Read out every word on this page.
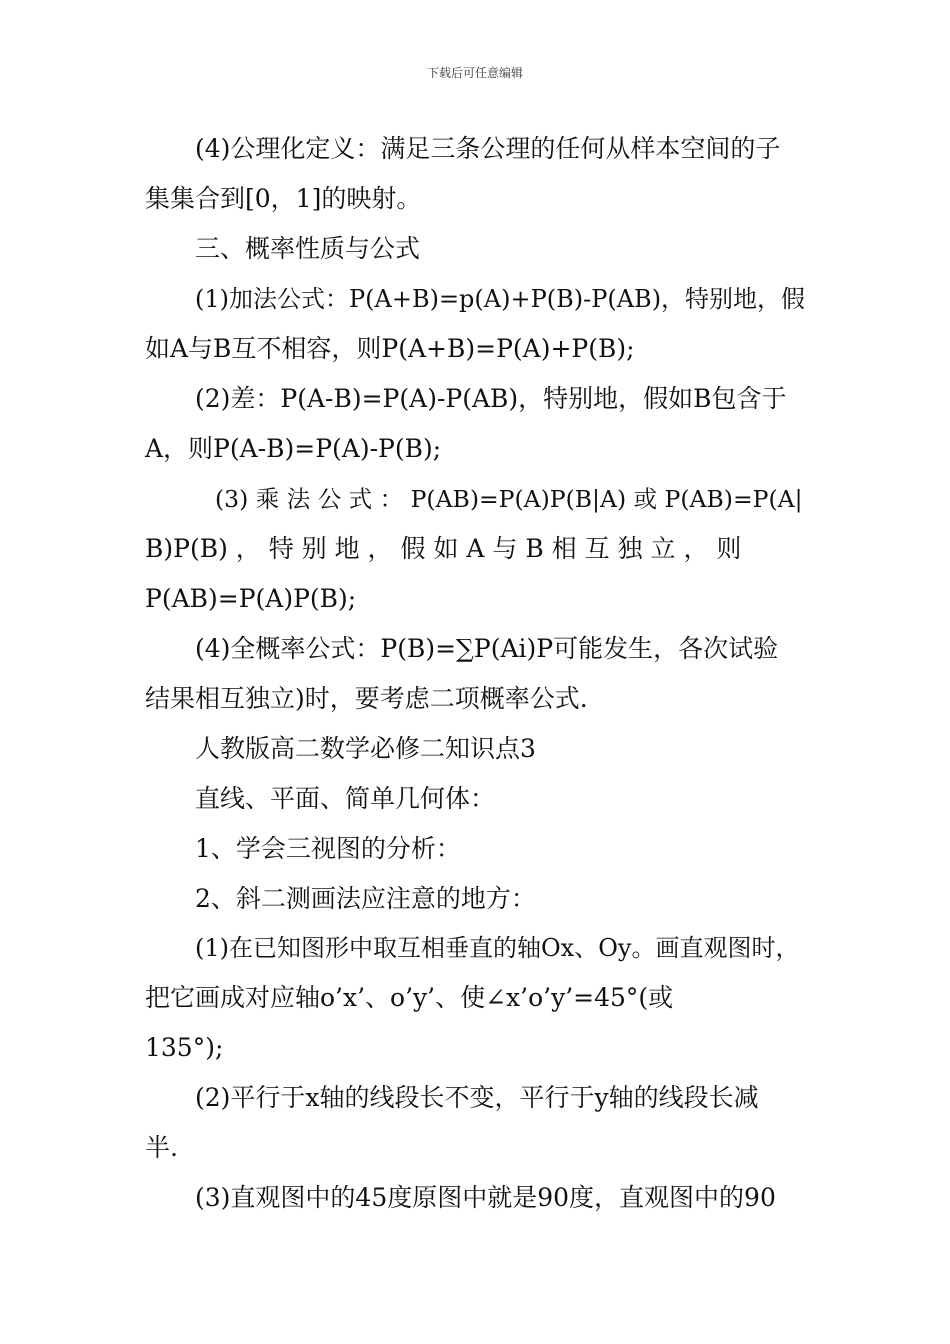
下载后可任意编辑
(4)公理化定义：满足三条公理的任何从样本空间的子
集集合到[0，1]的映射。
三、概率性质与公式
(1)加法公式：P(A+B)=p(A)+P(B)-P(AB)，特别地，假
如A与B互不相容，则P(A+B)=P(A)+P(B);
(2)差：P(A-B)=P(A)-P(AB)，特别地，假如B包含于
A，则P(A-B)=P(A)-P(B);
(3) 乘 法 公 式 ： P(AB)=P(A)P(B|A) 或 P(AB)=P(A|
B)P(B) ， 特 别 地 ， 假 如 A 与 B 相 互 独 立 ， 则
P(AB)=P(A)P(B);
(4)全概率公式：P(B)=∑P(Ai)P可能发生，各次试验
结果相互独立)时，要考虑二项概率公式.
人教版高二数学必修二知识点3
直线、平面、简单几何体：
1、学会三视图的分析：
2、斜二测画法应注意的地方：
(1)在已知图形中取互相垂直的轴Ox、Oy。画直观图时，
把它画成对应轴o’x’、o’y’、使∠x’o’y’=45°(或
135°);
(2)平行于x轴的线段长不变，平行于y轴的线段长减
半.
(3)直观图中的45度原图中就是90度，直观图中的90
